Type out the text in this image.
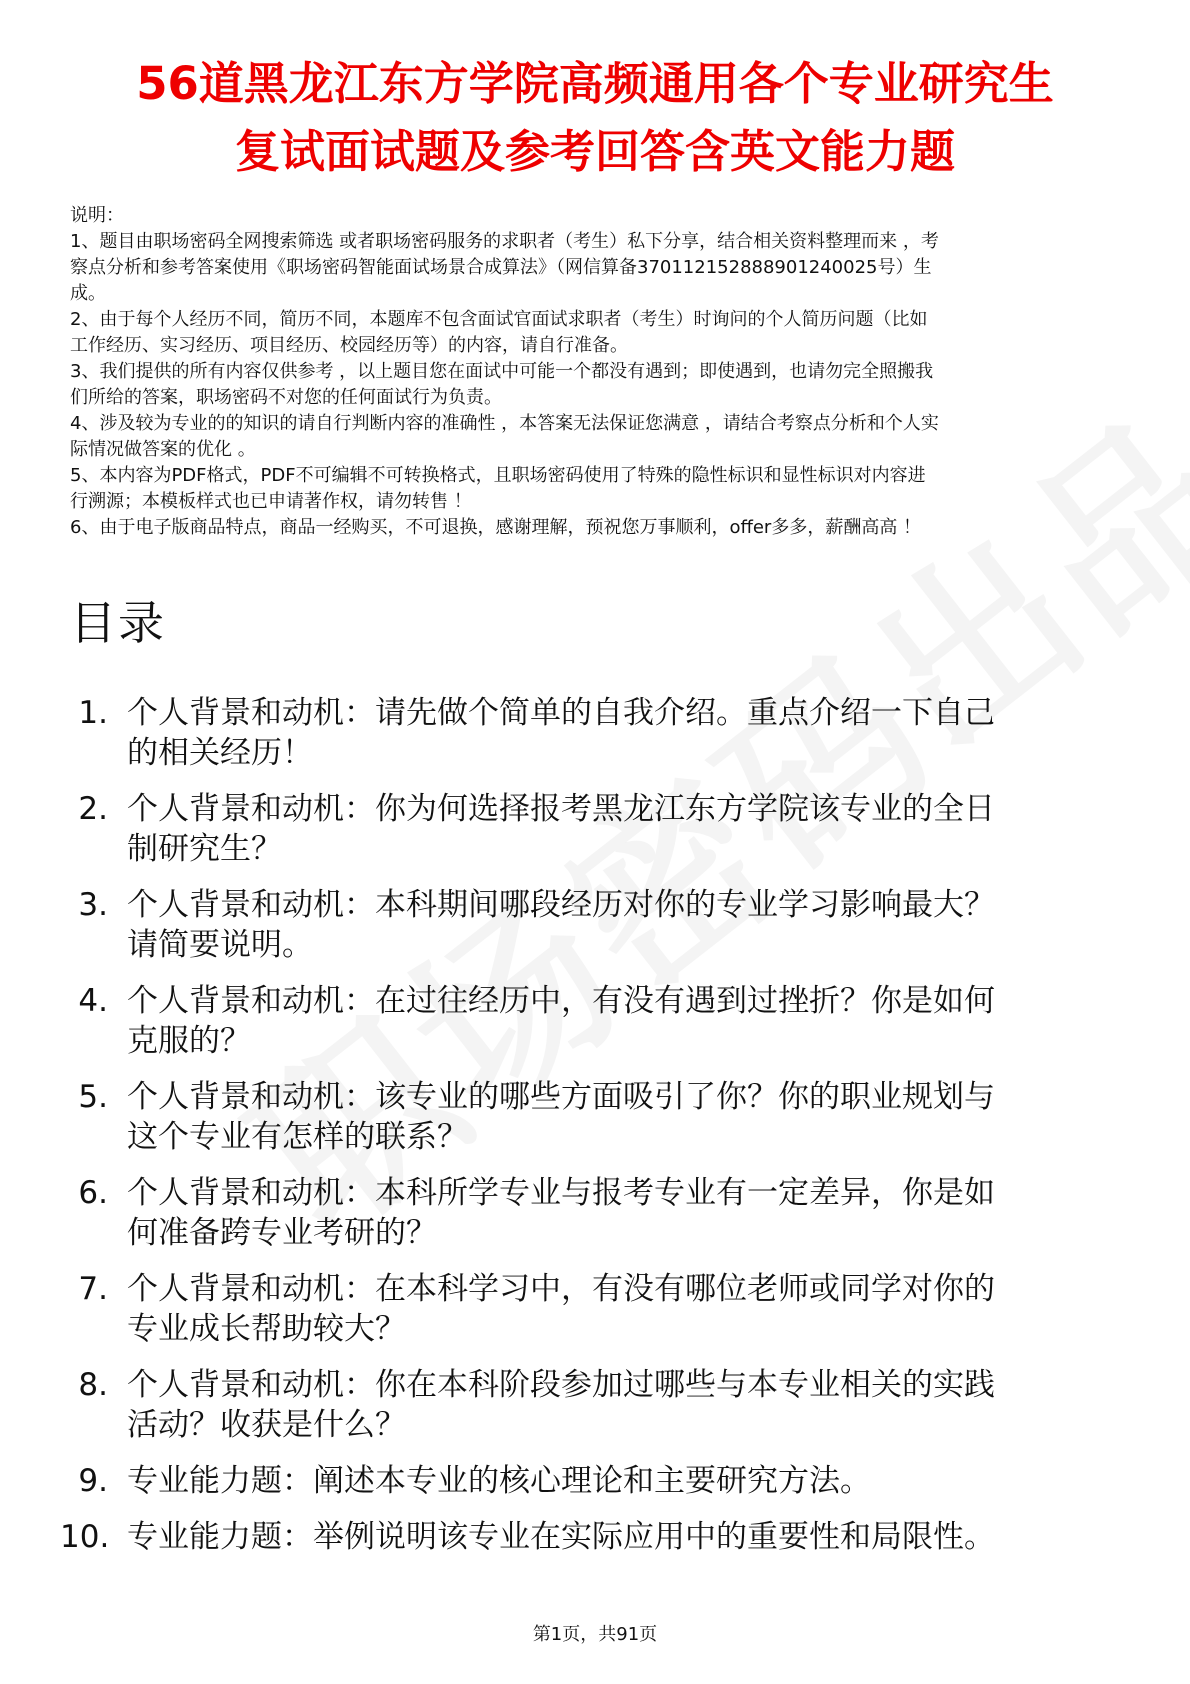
56道黑龙江东方学院高频通用各个专业研究生
复试面试题及参考回答含英文能力题
说明：
1、题目由职场密码全网搜索筛选 或者职场密码服务的求职者（考生）私下分享，结合相关资料整理而来 ，考
察点分析和参考答案使用《职场密码智能面试场景合成算法》（网信算备370112152888901240025号）生
成。
2、由于每个人经历不同，简历不同，本题库不包含面试官面试求职者（考生）时询问的个人简历问题（比如
工作经历、实习经历、项目经历、校园经历等）的内容，请自行准备。
3、我们提供的所有内容仅供参考 ，以上题目您在面试中可能一个都没有遇到；即使遇到，也请勿完全照搬我
们所给的答案，职场密码不对您的任何面试行为负责。
4、涉及较为专业的的知识的请自行判断内容的准确性 ，本答案无法保证您满意 ，请结合考察点分析和个人实
际情况做答案的优化 。
5、本内容为PDF格式，PDF不可编辑不可转换格式，且职场密码使用了特殊的隐性标识和显性标识对内容进
行溯源；本模板样式也已申请著作权，请勿转售 ！
6、由于电子版商品特点，商品一经购买，不可退换，感谢理解，预祝您万事顺利，offer多多，薪酬高高 ！
目录
1. 个人背景和动机：请先做个简单的自我介绍。重点介绍一下自己
的相关经历！
2. 个人背景和动机：你为何选择报考黑龙江东方学院该专业的全日
制研究生？
3. 个人背景和动机：本科期间哪段经历对你的专业学习影响最大？
请简要说明。
4. 个人背景和动机：在过往经历中，有没有遇到过挫折？你是如何
克服的？
5. 个人背景和动机：该专业的哪些方面吸引了你？你的职业规划与
这个专业有怎样的联系？
6. 个人背景和动机：本科所学专业与报考专业有一定差异，你是如
何准备跨专业考研的？
7. 个人背景和动机：在本科学习中，有没有哪位老师或同学对你的
专业成长帮助较大？
8. 个人背景和动机：你在本科阶段参加过哪些与本专业相关的实践
活动？收获是什么？
9. 专业能力题：阐述本专业的核心理论和主要研究方法。
10. 专业能力题：举例说明该专业在实际应用中的重要性和局限性。
第1页，共91页
